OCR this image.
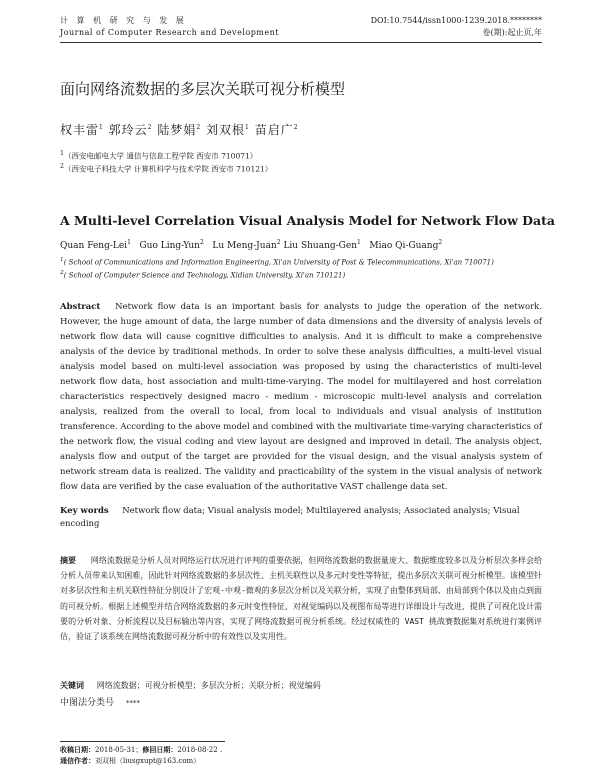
计 算 机 研 究 与 发 展
Journal of Computer Research and Development
DOI:10.7544/issn1000-1239.2018.********
卷(期):起止页,年
面向网络流数据的多层次关联可视分析模型
权丰雷$^1$ 郭玲云$^2$ 陆梦娟$^2$ 刘双根$^1$ 苗启广$^2$
$^1$（西安电邮电大学 通信与信息工程学院 西安市 710071）
$^2$（西安电子科技大学 计算机科学与技术学院 西安市 710121）
A Multi-level Correlation Visual Analysis Model for Network Flow Data
Quan Feng-Lei$^1$ Guo Ling-Yun$^2$ Lu Meng-Juan$^2$ Liu Shuang-Gen$^1$ Miao Qi-Guang$^2$
$^1$( School of Communications and Information Engineering, Xi'an University of Post & Telecommunications, Xi'an 710071)
$^2$( School of Computer Science and Technology, Xidian University, Xi'an 710121)
Abstract Network flow data is an important basis for analysts to judge the operation of the network. However, the huge amount of data, the large number of data dimensions and the diversity of analysis levels of network flow data will cause cognitive difficulties to analysis. And it is difficult to make a comprehensive analysis of the device by traditional methods. In order to solve these analysis difficulties, a multi-level visual analysis model based on multi-level association was proposed by using the characteristics of multi-level network flow data, host association and multi-time-varying. The model for multilayered and host correlation characteristics respectively designed macro - medium - microscopic multi-level analysis and correlation analysis, realized from the overall to local, from local to individuals and visual analysis of institution transference. According to the above model and combined with the multivariate time-varying characteristics of the network flow, the visual coding and view layout are designed and improved in detail. The analysis object, analysis flow and output of the target are provided for the visual design, and the visual analysis system of network stream data is realized. The validity and practicability of the system in the visual analysis of network flow data are verified by the case evaluation of the authoritative VAST challenge data set.
Key words Network flow data; Visual analysis model; Multilayered analysis; Associated analysis; Visual encoding
摘要 网络流数据是分析人员对网络运行状况进行评判的重要依据，但网络流数据的数据量庞大、数据维度较多以及分析层次多样会给分析人员带来认知困难，因此针对网络流数据的多层次性、主机关联性以及多元时变性等特征，提出多层次关联可视分析模型。该模型针对多层次性和主机关联性特征分别设计了宏观-中观-微观的多层次分析以及关联分析，实现了由整体到局部、由局部到个体以及由点到面的可视分析。根据上述模型并结合网络流数据的多元时变性特征，对视觉编码以及视图布局等进行详细设计与改进，提供了可视化设计需要的分析对象、分析流程以及目标输出等内容，实现了网络流数据可视分析系统。经过权威性的 VAST 挑战赛数据集对系统进行案例评估，验证了该系统在网络流数据可视分析中的有效性以及实用性。
关键词 网络流数据；可视分析模型；多层次分析；关联分析；视觉编码
中图法分类号 ****
收稿日期：2018-05-31；修回日期：2018-08-22 .
通信作者：刘双根（liusgxupt@163.com）
